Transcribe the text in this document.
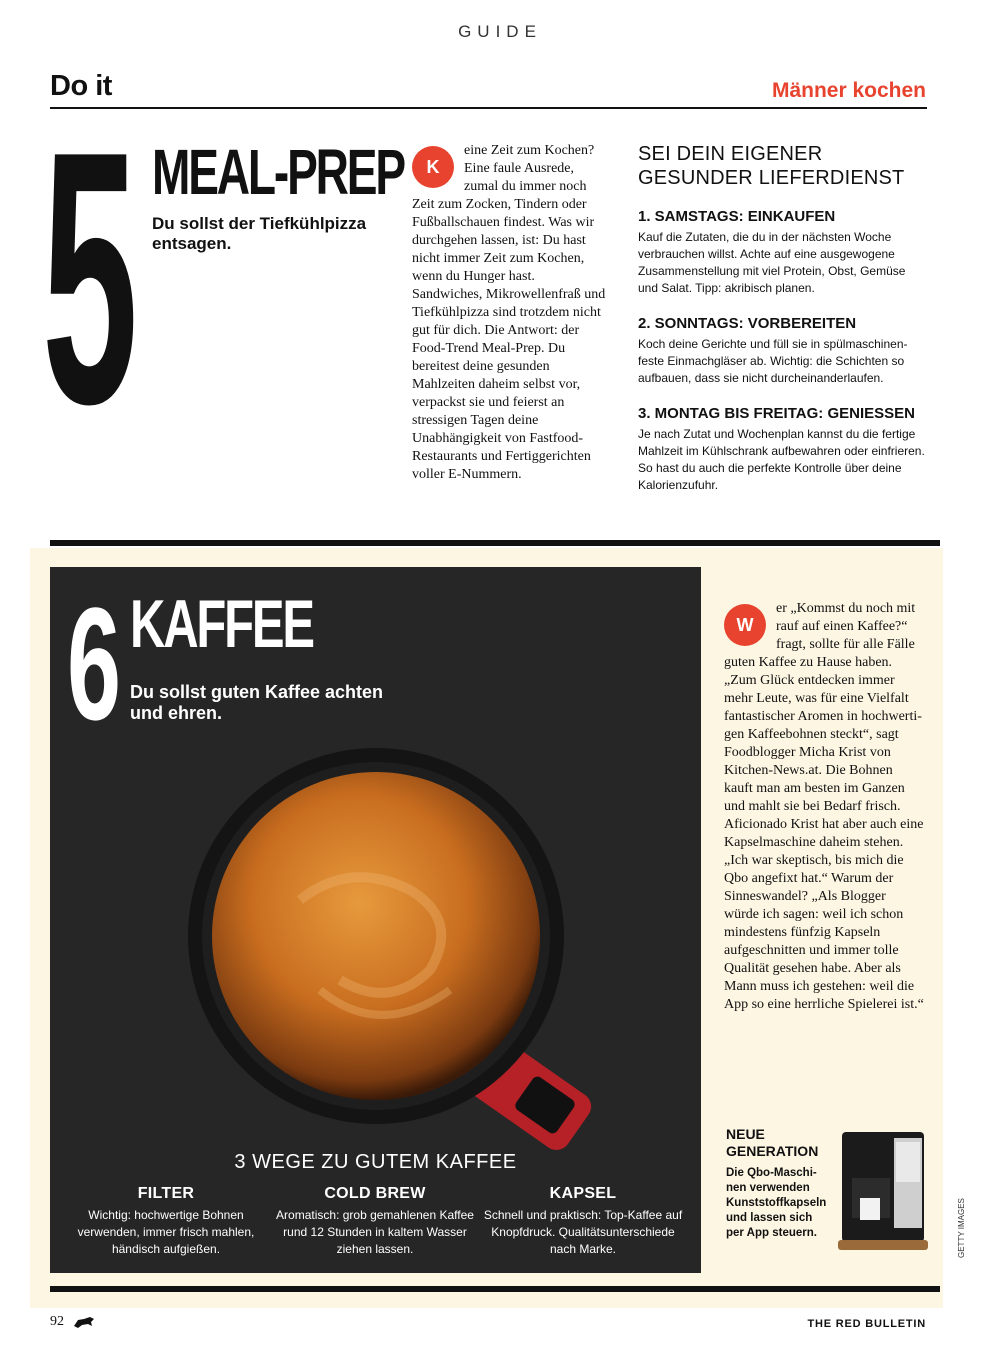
GUIDE
Do it	Männer kochen
5 MEAL-PREP
Du sollst der Tiefkühlpizza entsagen.
K
eine Zeit zum Kochen? Eine faule Ausrede, zumal du immer noch Zeit zum Zocken, Tindern oder Fußballschauen findest. Was wir durchgehen lassen, ist: Du hast nicht immer Zeit zum Kochen, wenn du Hunger hast. Sandwiches, Mikrowellenfraß und Tiefkühlpizza sind trotzdem nicht gut für dich. Die Antwort: der Food-Trend Meal-Prep. Du bereitest deine gesunden Mahlzeiten daheim selbst vor, verpackst sie und feierst an stressigen Tagen deine Unabhängigkeit von Fastfood-Restaurants und Fertiggerichten voller E-Nummern.
SEI DEIN EIGENER GESUNDER LIEFERDIENST
1. SAMSTAGS: EINKAUFEN
Kauf die Zutaten, die du in der nächsten Woche verbrauchen willst. Achte auf eine ausgewogene Zusammenstellung mit viel Protein, Obst, Gemüse und Salat. Tipp: akribisch planen.
2. SONNTAGS: VORBEREITEN
Koch deine Gerichte und füll sie in spülmaschinenfeste Einmachgläser ab. Wichtig: die Schichten so aufbauen, dass sie nicht durcheinanderlaufen.
3. MONTAG BIS FREITAG: GENIESSEN
Je nach Zutat und Wochenplan kannst du die fertige Mahlzeit im Kühlschrank aufbewahren oder einfrieren. So hast du auch die perfekte Kontrolle über deine Kalorienzufuhr.
6 KAFFEE
Du sollst guten Kaffee achten und ehren.
3 WEGE ZU GUTEM KAFFEE
FILTER
Wichtig: hochwertige Bohnen verwenden, immer frisch mahlen, händisch aufgießen.
COLD BREW
Aromatisch: grob gemahlenen Kaffee rund 12 Stunden in kaltem Wasser ziehen lassen.
KAPSEL
Schnell und praktisch: Top-Kaffee auf Knopfdruck. Qualitätsunterschiede nach Marke.
W
er „Kommst du noch mit rauf auf einen Kaffee?“ fragt, sollte für alle Fälle guten Kaffee zu Hause haben. „Zum Glück entdecken immer mehr Leute, was für eine Vielfalt fantastischer Aromen in hochwertigen Kaffeebohnen steckt“, sagt Foodblogger Micha Krist von Kitchen-News.at. Die Bohnen kauft man am besten im Ganzen und mahlt sie bei Bedarf frisch. Aficionado Krist hat aber auch eine Kapselmaschine daheim stehen. „Ich war skeptisch, bis mich die Qbo angefixt hat.“ Warum der Sinneswandel? „Als Blogger würde ich sagen: weil ich schon mindestens fünfzig Kapseln aufgeschnitten und immer tolle Qualität gesehen habe. Aber als Mann muss ich gestehen: weil die App so eine herrliche Spielerei ist.“
NEUE GENERATION
Die Qbo-Maschinen verwenden Kunststoffkapseln und lassen sich per App steuern.	GETTY IMAGES
92	THE RED BULLETIN
